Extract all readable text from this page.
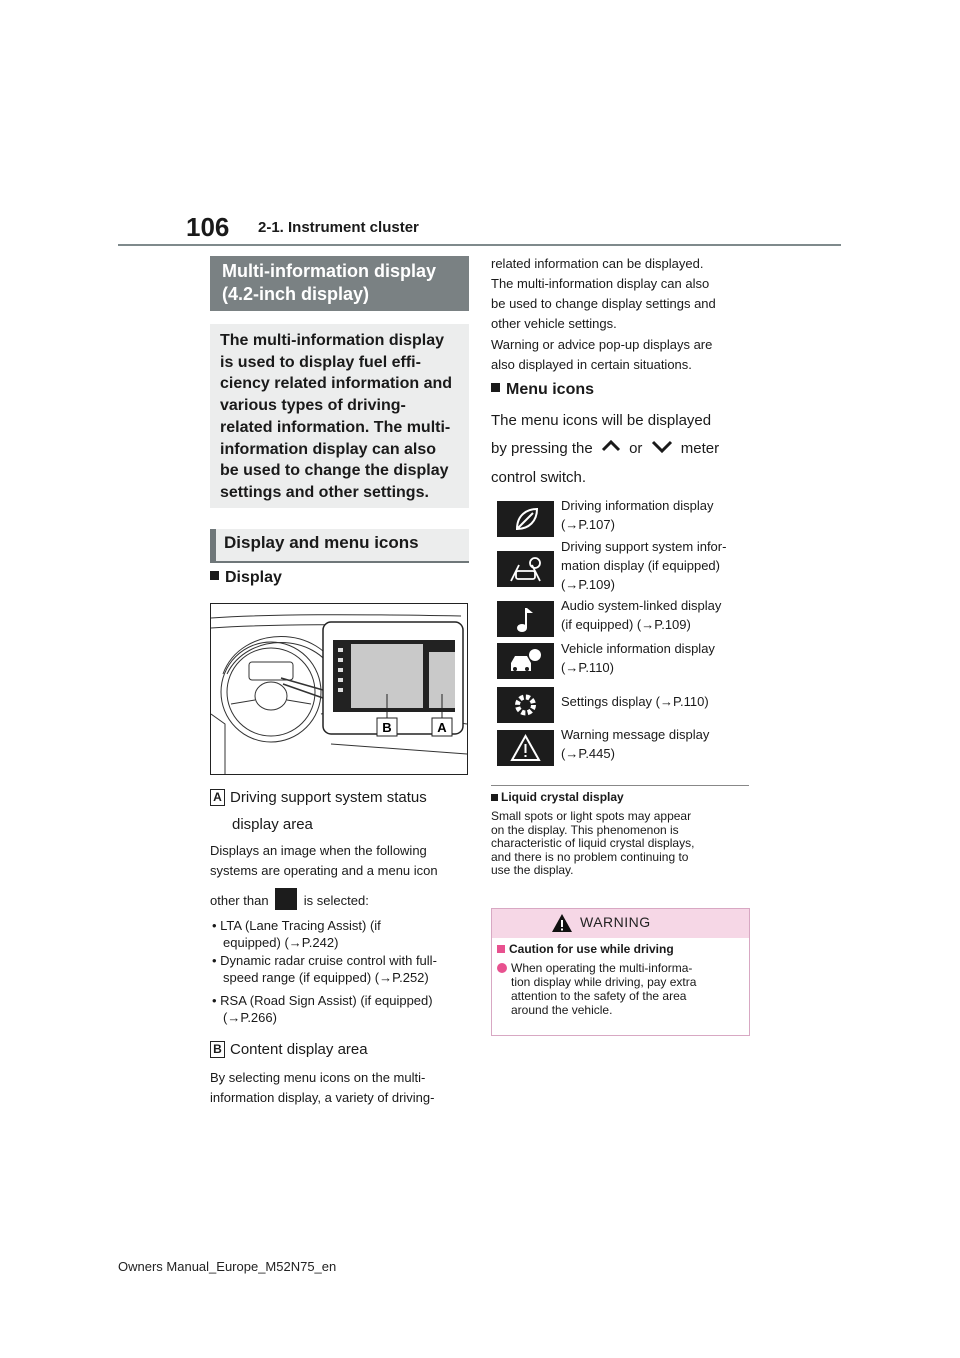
106 2-1. Instrument cluster
Multi-information display
(4.2-inch display)
The multi-information display
is used to display fuel effi-
ciency related information and
various types of driving-
related information. The multi-
information display can also
be used to change the display
settings and other settings.
Display and menu icons
Display
B	A
A Driving support system status
display area
Displays an image when the following
systems are operating and a menu icon
other than	is selected:
• LTA (Lane Tracing Assist) (if
equipped) (→P.242)
• Dynamic radar cruise control with full-
speed range (if equipped) (→P.252)
• RSA (Road Sign Assist) (if equipped)
(→P.266)
B Content display area
By selecting menu icons on the multi-
information display, a variety of driving-
related information can be displayed.
The multi-information display can also
be used to change display settings and
other vehicle settings.
Warning or advice pop-up displays are
also displayed in certain situations.
Menu icons
The menu icons will be displayed
by pressing the or	meter
control switch.
Driving information display
(→P.107)
Driving support system infor-
mation display (if equipped)
(→P.109)
Audio system-linked display
(if equipped) (→P.109)
Vehicle information display
(→P.110)
Settings display (→P.110)
Warning message display
(→P.445)
Liquid crystal display
Small spots or light spots may appear
on the display. This phenomenon is
characteristic of liquid crystal displays,
and there is no problem continuing to
use the display.
WARNING
Caution for use while driving
When operating the multi-informa-
tion display while driving, pay extra
attention to the safety of the area
around the vehicle.
Owners Manual_Europe_M52N75_en
